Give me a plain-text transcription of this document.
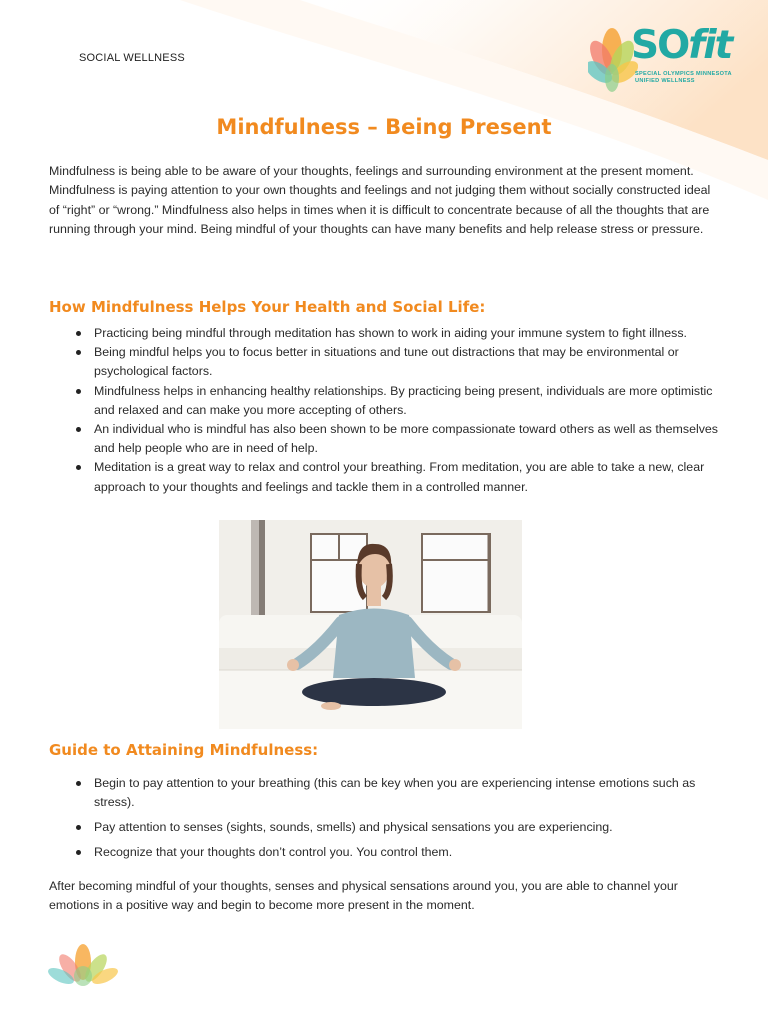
SOCIAL WELLNESS	SOfit
SPECIAL OLYMPICS MINNESOTA
UNIFIED WELLNESS
Mindfulness – Being Present

Mindfulness is being able to be aware of your thoughts, feelings and surrounding environment at the present moment. Mindfulness is paying attention to your own thoughts and feelings and not judging them without socially constructed ideal of “right” or “wrong.” Mindfulness also helps in times when it is difficult to concentrate because of all the thoughts that are running through your mind. Being mindful of your thoughts can have many benefits and help release stress or pressure.

How Mindfulness Helps Your Health and Social Life:
Practicing being mindful through meditation has shown to work in aiding your immune system to fight illness.
Being mindful helps you to focus better in situations and tune out distractions that may be environmental or psychological factors.
Mindfulness helps in enhancing healthy relationships. By practicing being present, individuals are more optimistic and relaxed and can make you more accepting of others.
An individual who is mindful has also been shown to be more compassionate toward others as well as themselves and help people who are in need of help.
Meditation is a great way to relax and control your breathing. From meditation, you are able to take a new, clear approach to your thoughts and feelings and tackle them in a controlled manner.
Guide to Attaining Mindfulness:
Begin to pay attention to your breathing (this can be key when you are experiencing intense emotions such as stress).
Pay attention to senses (sights, sounds, smells) and physical sensations you are experiencing.
Recognize that your thoughts don’t control you. You control them.

After becoming mindful of your thoughts, senses and physical sensations around you, you are able to channel your emotions in a positive way and begin to become more present in the moment.
